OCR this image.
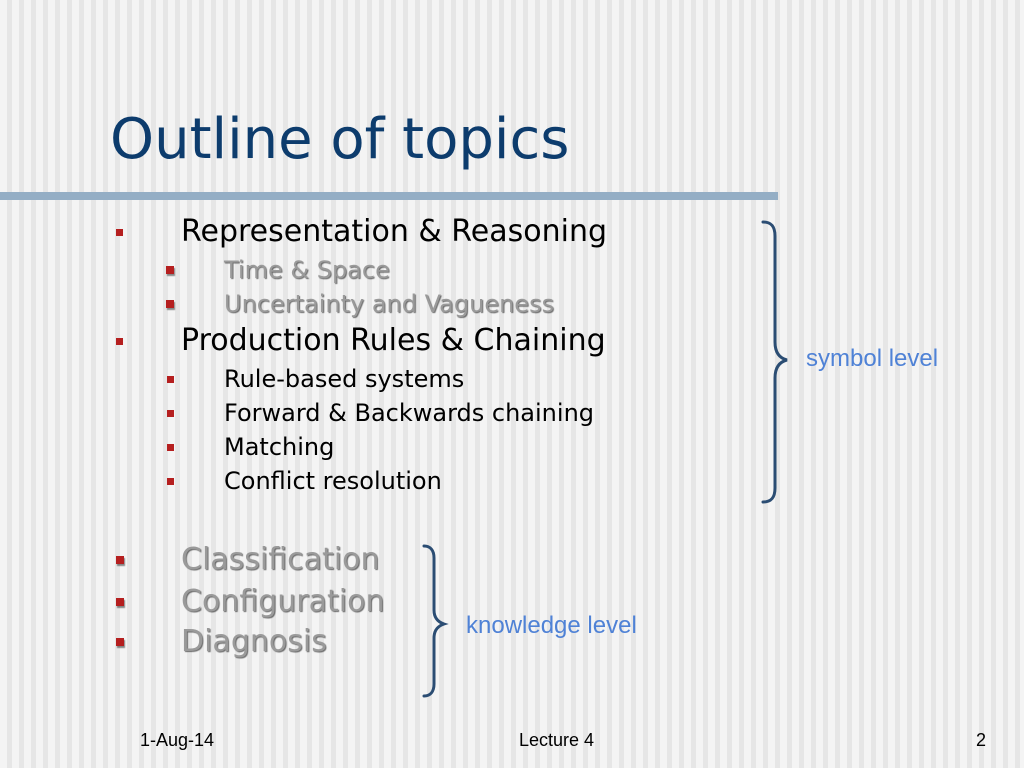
Outline of topics

Representation & Reasoning

Time & Space

Uncertainty and Vagueness

Production Rules & Chaining

Rule-based systems

Forward & Backwards chaining

Matching

Conflict resolution

Classification

Configuration

Diagnosis

symbol level
knowledge level
1-Aug-14	Lecture 4	2
